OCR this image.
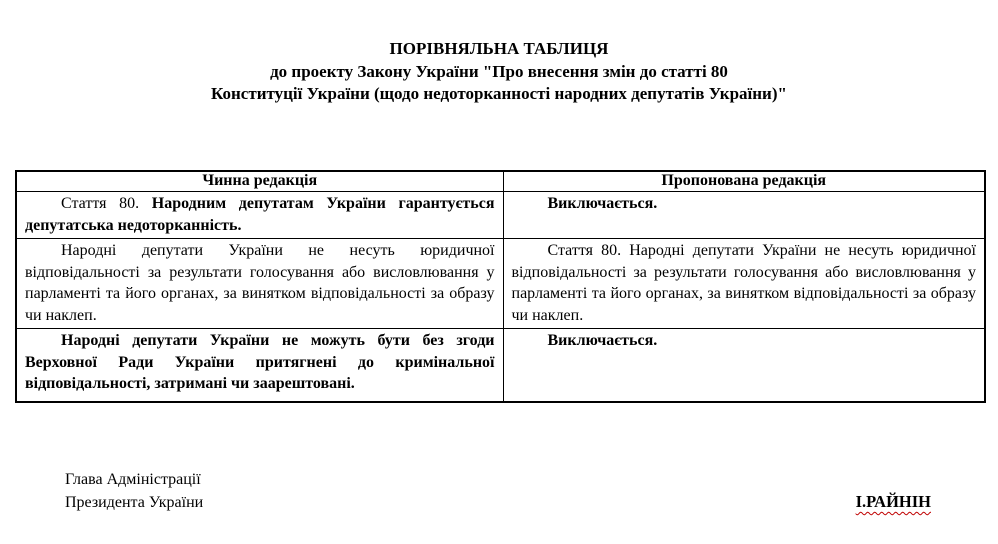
ПОРІВНЯЛЬНА ТАБЛИЦЯ
до проекту Закону України "Про внесення змін до статті 80
Конституції України (щодо недоторканності народних депутатів України)"
Чинна редакція	Пропонована редакція

Стаття 80. Народним депутатам України гарантується депутатська недоторканність.	Виключається.

Народні депутати України не несуть юридичної відповідальності за результати голосування або висловлювання у парламенті та його органах, за винятком відповідальності за образу чи наклеп.	Стаття 80. Народні депутати України не несуть юридичної відповідальності за результати голосування або висловлювання у парламенті та його органах, за винятком відповідальності за образу чи наклеп.

Народні депутати України не можуть бути без згоди Верховної Ради України притягнені до кримінальної відповідальності, затримані чи заарештовані.	Виключається.
Глава Адміністрації
Президента України	І.РАЙНІН
